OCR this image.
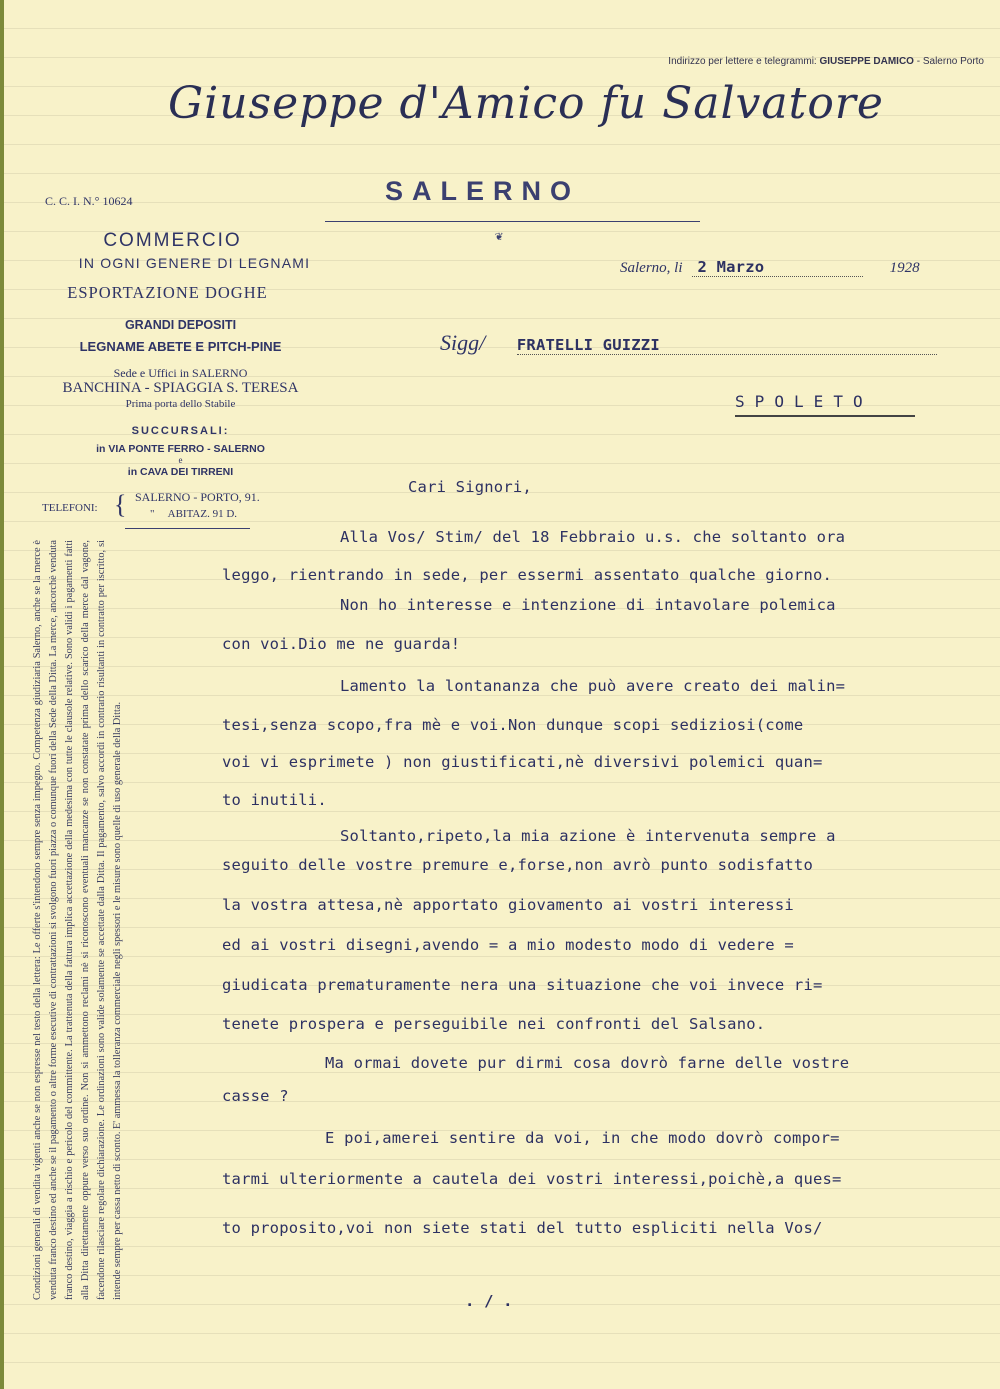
Indirizzo per lettere e telegrammi: GIUSEPPE DAMICO - Salerno Porto
Giuseppe d'Amico fu Salvatore
SALERNO
❦
C. C. I. N.° 10624
COMMERCIO
IN OGNI GENERE DI LEGNAMI
ESPORTAZIONE DOGHE
GRANDI DEPOSITI
LEGNAME ABETE E PITCH-PINE
Sede e Uffici in SALERNO
BANCHINA - SPIAGGIA S. TERESA
Prima porta dello Stabile
SUCCURSALI:
in VIA PONTE FERRO - SALERNO
e
in CAVA DEI TIRRENI
TELEFONI: { SALERNO - PORTO, 91.
"     ABITAZ. 91 D.

Condizioni generali di vendita vigenti anche se non espresse nel testo della lettera: Le offerte s'intendono sempre senza impegno. Competenza giudiziaria Salerno, anche se la merce è venduta franco destino ed anche se il pagamento o altre forme esecutive di contrattazioni si svolgono fuori piazza o comunque fuori della Sede della Ditta. La merce, ancorchè venduta franco destino, viaggia a rischio e pericolo del committente. La trattenuta della fattura implica accettazione della medesima con tutte le clausole relative. Sono validi i pagamenti fatti alla Ditta direttamente oppure verso suo ordine. Non si ammettono reclami nè si riconoscono eventuali mancanze se non constatate prima dello scarico della merce dal vagone, facendone rilasciare regolare dichiarazione. Le ordinazioni sono valide solamente se accettate dalla Ditta. Il pagamento, salvo accordi in contrario risultanti in contratto per iscritto, si intende sempre per cassa netto di sconto. E' ammessa la tolleranza commerciale negli spessori e le misure sono quelle di uso generale della Ditta.

Salerno, li 2 Marzo	1928
Sigg/ FRATELLI GUIZZI
S P O L E T O
Cari Signori,
Alla Vos/ Stim/ del 18 Febbraio u.s. che soltanto ora
leggo, rientrando in sede, per essermi assentato qualche giorno.
Non ho interesse e intenzione di intavolare polemica
con voi.Dio me ne guarda!
Lamento la lontananza che può avere creato dei malin=
tesi,senza scopo,fra mè e voi.Non dunque scopi sediziosi(come
voi vi esprimete ) non giustificati,nè diversivi polemici quan=
to inutili.
Soltanto,ripeto,la mia azione è intervenuta sempre a
seguito delle vostre premure e,forse,non avrò punto sodisfatto
la vostra attesa,nè apportato giovamento ai vostri interessi
ed ai vostri disegni,avendo = a mio modesto modo di vedere =
giudicata prematuramente nera una situazione che voi invece ri=
tenete prospera e perseguibile nei confronti del Salsano.
Ma ormai dovete pur dirmi cosa dovrò farne delle vostre
casse ?
E poi,amerei sentire da voi, in che modo dovrò compor=
tarmi ulteriormente a cautela dei vostri interessi,poichè,a ques=
to proposito,voi non siete stati del tutto espliciti nella Vos/
. / .
